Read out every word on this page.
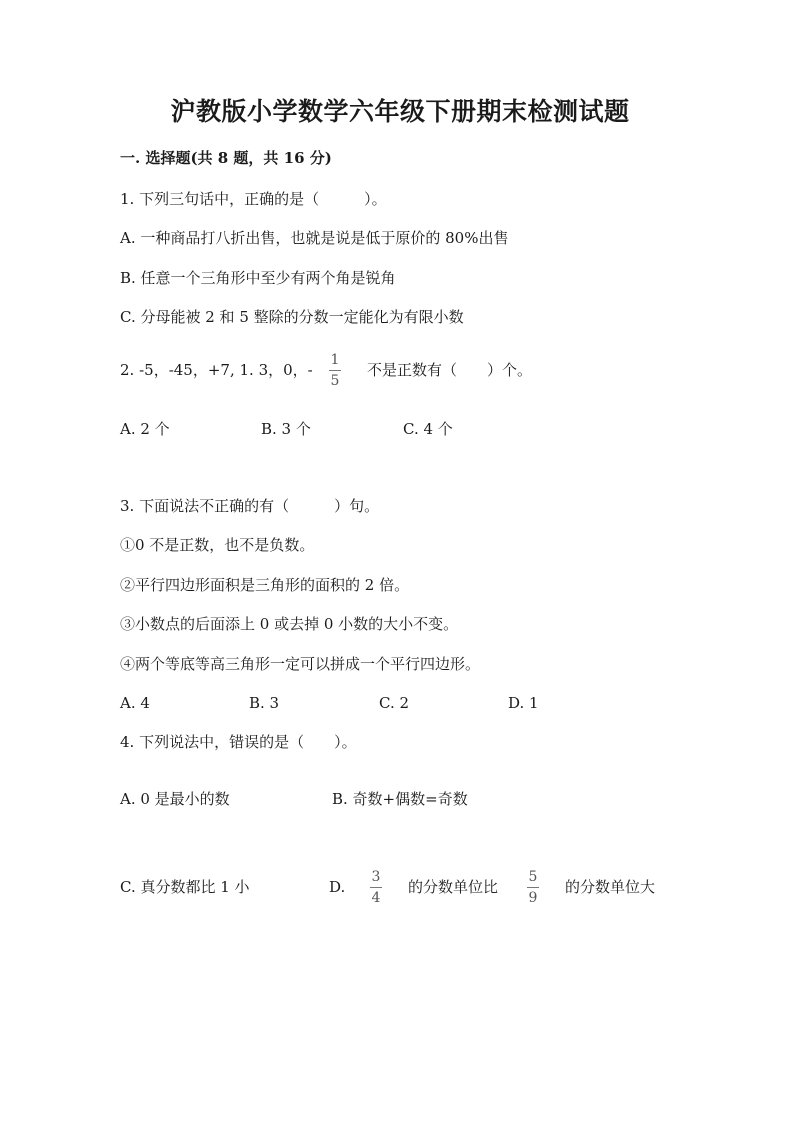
沪教版小学数学六年级下册期末检测试题
一. 选择题(共 8 题，共 16 分)
1. 下列三句话中，正确的是（　　　）。
A. 一种商品打八折出售，也就是说是低于原价的 80%出售
B. 任意一个三角形中至少有两个角是锐角
C. 分母能被 2 和 5 整除的分数一定能化为有限小数
2. -5，-45，+7, 1. 3，0，-
1
5
不是正数有（　　）个。
A. 2 个	B. 3 个	C. 4 个
3. 下面说法不正确的有（　　　）句。
①0 不是正数，也不是负数。
②平行四边形面积是三角形的面积的 2 倍。
③小数点的后面添上 0 或去掉 0 小数的大小不变。
④两个等底等高三角形一定可以拼成一个平行四边形。
A. 4	B. 3	C. 2	D. 1
4. 下列说法中，错误的是（　　）。
A. 0 是最小的数	B. 奇数+偶数=奇数
C. 真分数都比 1 小	D.
3
4
的分数单位比
5
9
的分数单位大
